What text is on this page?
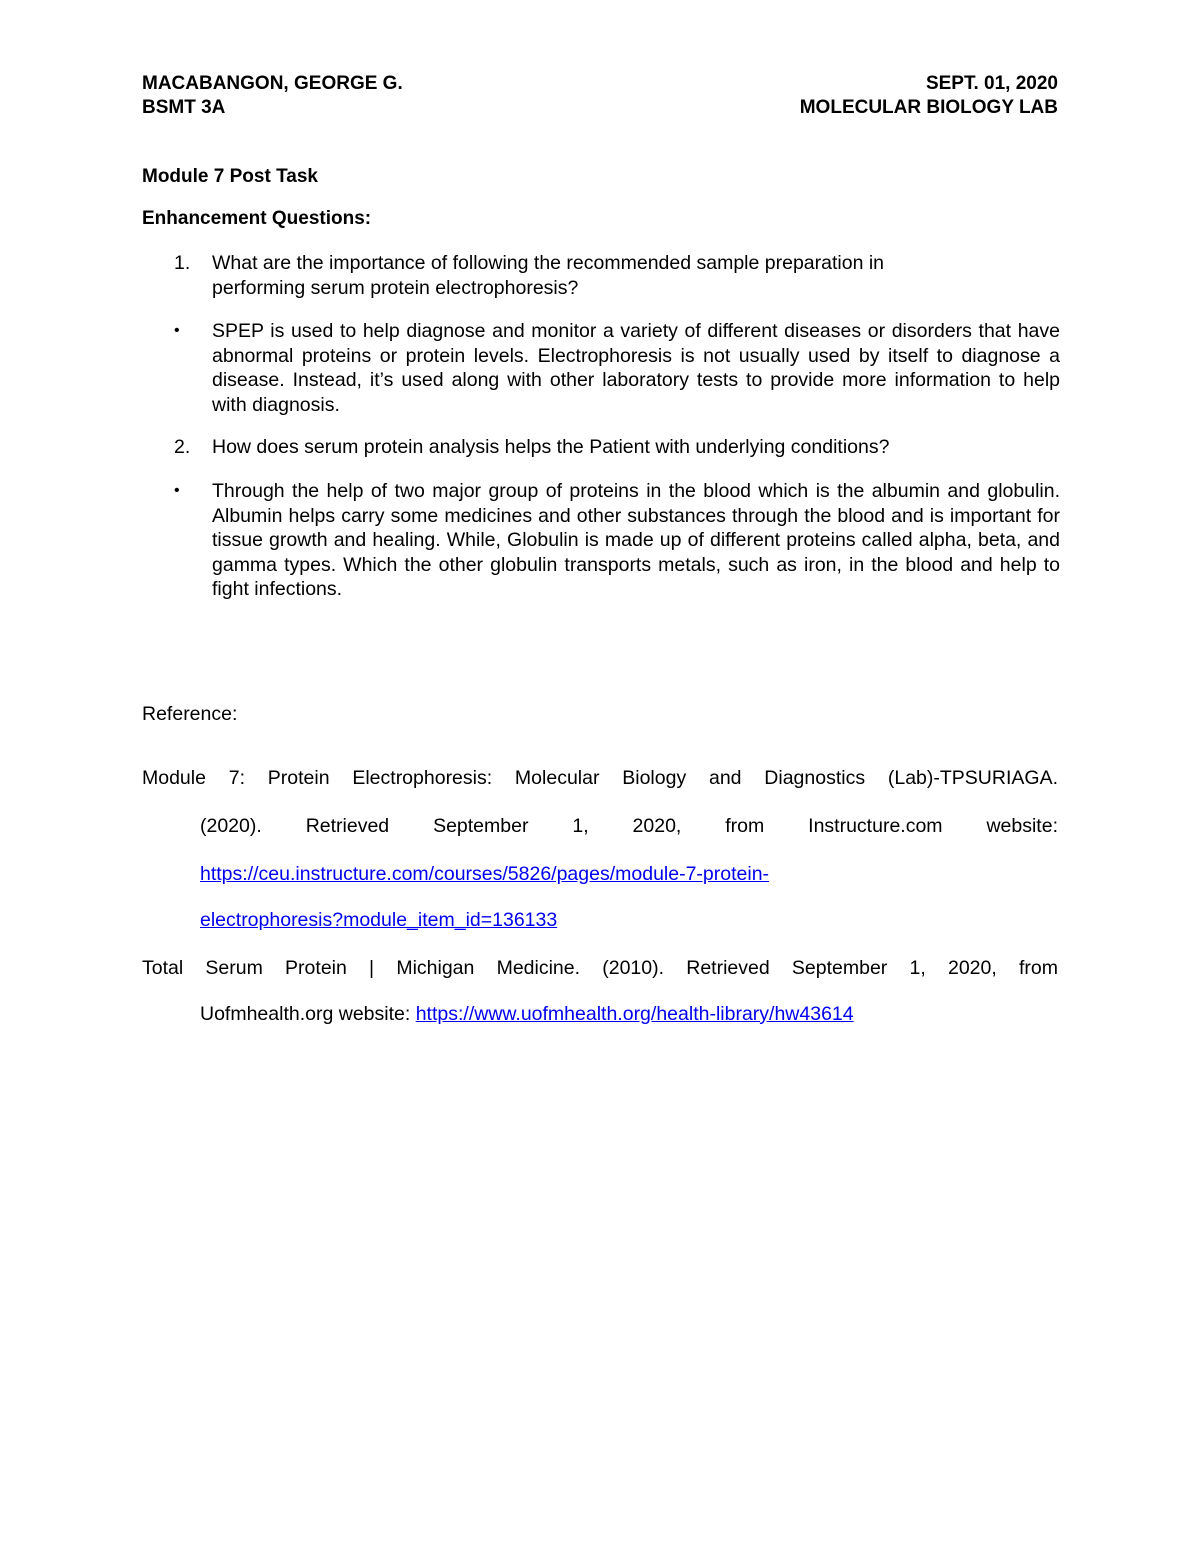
MACABANGON, GEORGE G.	SEPT. 01, 2020
BSMT 3A	MOLECULAR BIOLOGY LAB
Module 7 Post Task
Enhancement Questions:
1. What are the importance of following the recommended sample preparation in performing serum protein electrophoresis?
• SPEP is used to help diagnose and monitor a variety of different diseases or disorders that have abnormal proteins or protein levels. Electrophoresis is not usually used by itself to diagnose a disease. Instead, it’s used along with other laboratory tests to provide more information to help with diagnosis.
2. How does serum protein analysis helps the Patient with underlying conditions?
• Through the help of two major group of proteins in the blood which is the albumin and globulin. Albumin helps carry some medicines and other substances through the blood and is important for tissue growth and healing. While, Globulin is made up of different proteins called alpha, beta, and gamma types. Which the other globulin transports metals, such as iron, in the blood and help to fight infections.
Reference:
Module 7: Protein Electrophoresis: Molecular Biology and Diagnostics (Lab)-TPSURIAGA.
(2020). Retrieved September 1, 2020, from Instructure.com website:
https://ceu.instructure.com/courses/5826/pages/module-7-protein-
electrophoresis?module_item_id=136133
Total Serum Protein | Michigan Medicine. (2010). Retrieved September 1, 2020, from
Uofmhealth.org website: https://www.uofmhealth.org/health-library/hw43614
